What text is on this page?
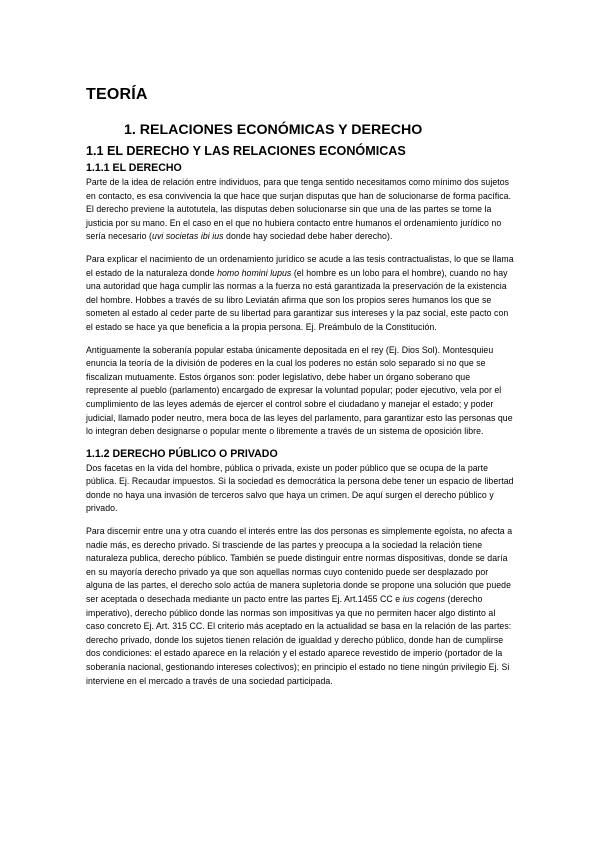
TEORÍA
1. RELACIONES ECONÓMICAS Y DERECHO
1.1 EL DERECHO Y LAS RELACIONES ECONÓMICAS
1.1.1 EL DERECHO

Parte de la idea de relación entre individuos, para que tenga sentido necesitamos como mínimo dos sujetos en contacto, es esa convivencia la que hace que surjan disputas que han de solucionarse de forma pacífica. El derecho previene la autotutela, las disputas deben solucionarse sin que una de las partes se tome la justicia por su mano. En el caso en el que no hubiera contacto entre humanos el ordenamiento jurídico no sería necesario (uvi societas ibi ius donde hay sociedad debe haber derecho).

Para explicar el nacimiento de un ordenamiento jurídico se acude a las tesis contractualistas, lo que se llama el estado de la naturaleza donde homo homini lupus (el hombre es un lobo para el hombre), cuando no hay una autoridad que haga cumplir las normas a la fuerza no está garantizada la preservación de la existencia del hombre. Hobbes a través de su libro Leviatán afirma que son los propios seres humanos los que se someten al estado al ceder parte de su libertad para garantizar sus intereses y la paz social, este pacto con el estado se hace ya que beneficia a la propia persona. Ej. Preámbulo de la Constitución.

Antiguamente la soberanía popular estaba únicamente depositada en el rey (Ej. Dios Sol). Montesquieu enuncia la teoría de la división de poderes en la cual los poderes no están solo separado si no que se fiscalizan mutuamente. Estos órganos son: poder legislativo, debe haber un órgano soberano que represente al pueblo (parlamento) encargado de expresar la voluntad popular; poder ejecutivo, vela por el cumplimiento de las leyes además de ejercer el control sobre el ciudadano y manejar el estado; y poder judicial, llamado poder neutro, mera boca de las leyes del parlamento, para garantizar esto las personas que lo integran deben designarse o popular mente o libremente a través de un sistema de oposición libre.

1.1.2 DERECHO PÚBLICO O PRIVADO

Dos facetas en la vida del hombre, pública o privada, existe un poder público que se ocupa de la parte pública. Ej. Recaudar impuestos. Si la sociedad es democrática la persona debe tener un espacio de libertad donde no haya una invasión de terceros salvo que haya un crimen. De aquí surgen el derecho público y privado.

Para discernir entre una y otra cuando el interés entre las dos personas es simplemente egoísta, no afecta a nadie más, es derecho privado. Si trasciende de las partes y preocupa a la sociedad la relación tiene naturaleza publica, derecho público. También se puede distinguir entre normas dispositivas, donde se daría en su mayoría derecho privado ya que son aquellas normas cuyo contenido puede ser desplazado por alguna de las partes, el derecho solo actúa de manera supletoria donde se propone una solución que puede ser aceptada o desechada mediante un pacto entre las partes Ej. Art.1455 CC e ius cogens (derecho imperativo), derecho público donde las normas son impositivas ya que no permiten hacer algo distinto al caso concreto Ej. Art. 315 CC. El criterio más aceptado en la actualidad se basa en la relación de las partes: derecho privado, donde los sujetos tienen relación de igualdad y derecho público, donde han de cumplirse dos condiciones: el estado aparece en la relación y el estado aparece revestido de imperio (portador de la soberanía nacional, gestionando intereses colectivos); en principio el estado no tiene ningún privilegio Ej. Si interviene en el mercado a través de una sociedad participada.
